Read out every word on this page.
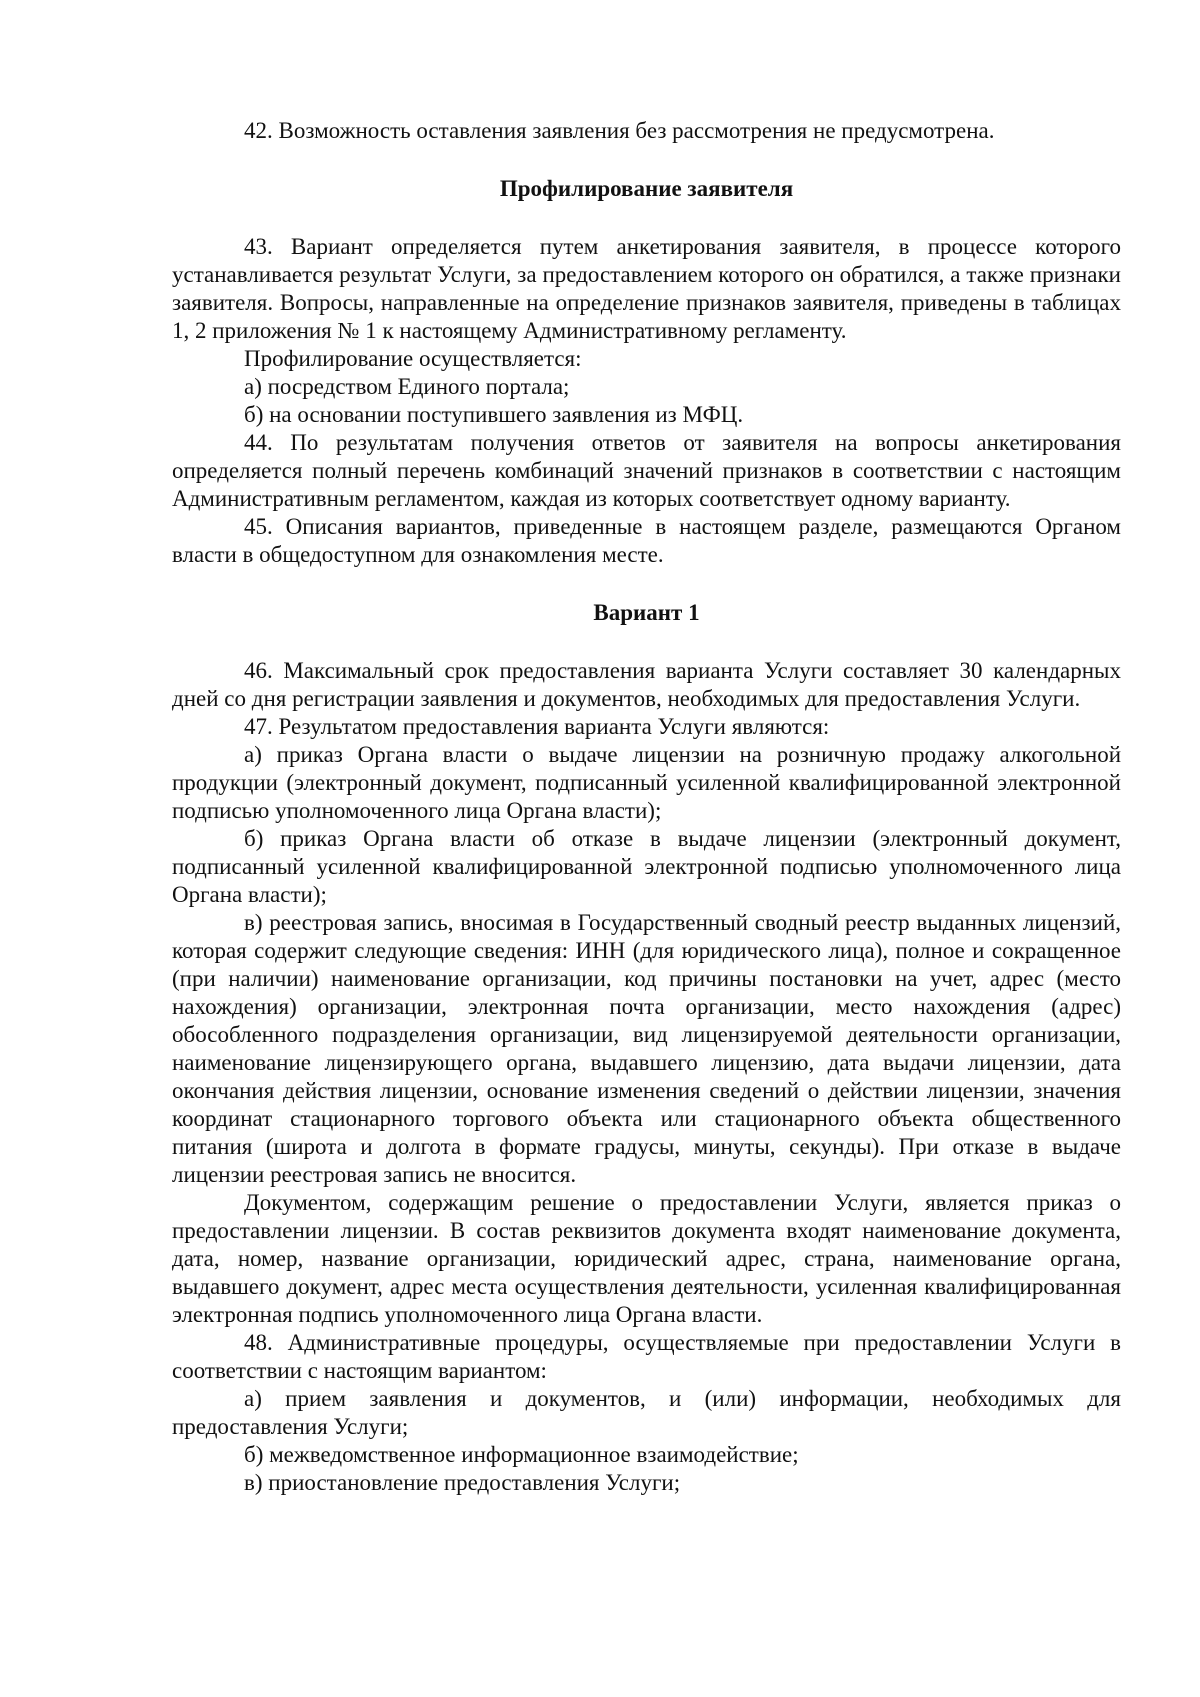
42. Возможность оставления заявления без рассмотрения не предусмотрена.

Профилирование заявителя

43. Вариант определяется путем анкетирования заявителя, в процессе которого устанавливается результат Услуги, за предоставлением которого он обратился, а также признаки заявителя. Вопросы, направленные на определение признаков заявителя, приведены в таблицах 1, 2 приложения № 1 к настоящему Административному регламенту.

Профилирование осуществляется:

а) посредством Единого портала;

б) на основании поступившего заявления из МФЦ.

44. По результатам получения ответов от заявителя на вопросы анкетирования определяется полный перечень комбинаций значений признаков в соответствии с настоящим Административным регламентом, каждая из которых соответствует одному варианту.

45. Описания вариантов, приведенные в настоящем разделе, размещаются Органом власти в общедоступном для ознакомления месте.

Вариант 1

46. Максимальный срок предоставления варианта Услуги составляет 30 календарных дней со дня регистрации заявления и документов, необходимых для предоставления Услуги.

47. Результатом предоставления варианта Услуги являются:

а) приказ Органа власти о выдаче лицензии на розничную продажу алкогольной продукции (электронный документ, подписанный усиленной квалифицированной электронной подписью уполномоченного лица Органа власти);

б) приказ Органа власти об отказе в выдаче лицензии (электронный документ, подписанный усиленной квалифицированной электронной подписью уполномоченного лица Органа власти);

в) реестровая запись, вносимая в Государственный сводный реестр выданных лицензий, которая содержит следующие сведения: ИНН (для юридического лица), полное и сокращенное (при наличии) наименование организации, код причины постановки на учет, адрес (место нахождения) организации, электронная почта организации, место нахождения (адрес) обособленного подразделения организации, вид лицензируемой деятельности организации, наименование лицензирующего органа, выдавшего лицензию, дата выдачи лицензии, дата окончания действия лицензии, основание изменения сведений о действии лицензии, значения координат стационарного торгового объекта или стационарного объекта общественного питания (широта и долгота в формате градусы, минуты, секунды). При отказе в выдаче лицензии реестровая запись не вносится.

Документом, содержащим решение о предоставлении Услуги, является приказ о предоставлении лицензии. В состав реквизитов документа входят наименование документа, дата, номер, название организации, юридический адрес, страна, наименование органа, выдавшего документ, адрес места осуществления деятельности, усиленная квалифицированная электронная подпись уполномоченного лица Органа власти.

48. Административные процедуры, осуществляемые при предоставлении Услуги в соответствии с настоящим вариантом:

а) прием заявления и документов, и (или) информации, необходимых для предоставления Услуги;

б) межведомственное информационное взаимодействие;

в) приостановление предоставления Услуги;
